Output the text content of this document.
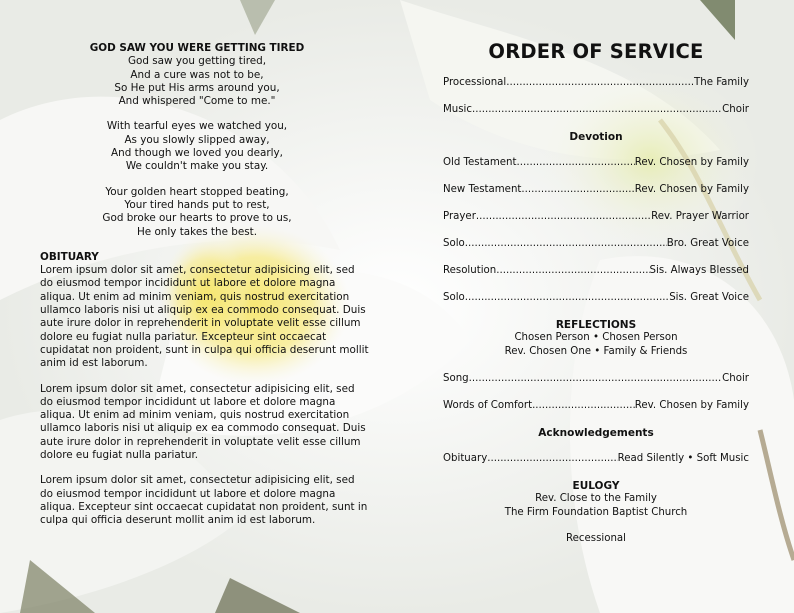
GOD SAW YOU WERE GETTING TIRED
God saw you getting tired,
And a cure was not to be,
So He put His arms around you,
And whispered "Come to me."
With tearful eyes we watched you,
As you slowly slipped away,
And though we loved you dearly,
We couldn't make you stay.
Your golden heart stopped beating,
Your tired hands put to rest,
God broke our hearts to prove to us,
He only takes the best.
OBITUARY
Lorem ipsum dolor sit amet, consectetur adipisicing elit, sed do eiusmod tempor incididunt ut labore et dolore magna aliqua. Ut enim ad minim veniam, quis nostrud exercitation ullamco laboris nisi ut aliquip ex ea commodo consequat. Duis aute irure dolor in reprehenderit in voluptate velit esse cillum dolore eu fugiat nulla pariatur. Excepteur sint occaecat cupidatat non proident, sunt in culpa qui officia deserunt mollit anim id est laborum.
Lorem ipsum dolor sit amet, consectetur adipisicing elit, sed do eiusmod tempor incididunt ut labore et dolore magna aliqua. Ut enim ad minim veniam, quis nostrud exercitation ullamco laboris nisi ut aliquip ex ea commodo consequat. Duis aute irure dolor in reprehenderit in voluptate velit esse cillum dolore eu fugiat nulla pariatur.
Lorem ipsum dolor sit amet, consectetur adipisicing elit, sed do eiusmod tempor incididunt ut labore et dolore magna aliqua. Excepteur sint occaecat cupidatat non proident, sunt in culpa qui officia deserunt mollit anim id est laborum.
ORDER OF SERVICE
Processional .....	The Family
Music .....	Choir
Devotion
Old Testament .....	Rev. Chosen by Family
New Testament .....	Rev. Chosen by Family
Prayer .....	Rev. Prayer Warrior
Solo .....	Bro. Great Voice
Resolution .....	Sis. Always Blessed
Solo .....	Sis. Great Voice
REFLECTIONS
Chosen Person • Chosen Person
Rev. Chosen One • Family & Friends
Song .....	Choir
Words of Comfort .....	Rev. Chosen by Family
Acknowledgements
Obituary .....	Read Silently • Soft Music
EULOGY
Rev. Close to the Family
The Firm Foundation Baptist Church
Recessional
